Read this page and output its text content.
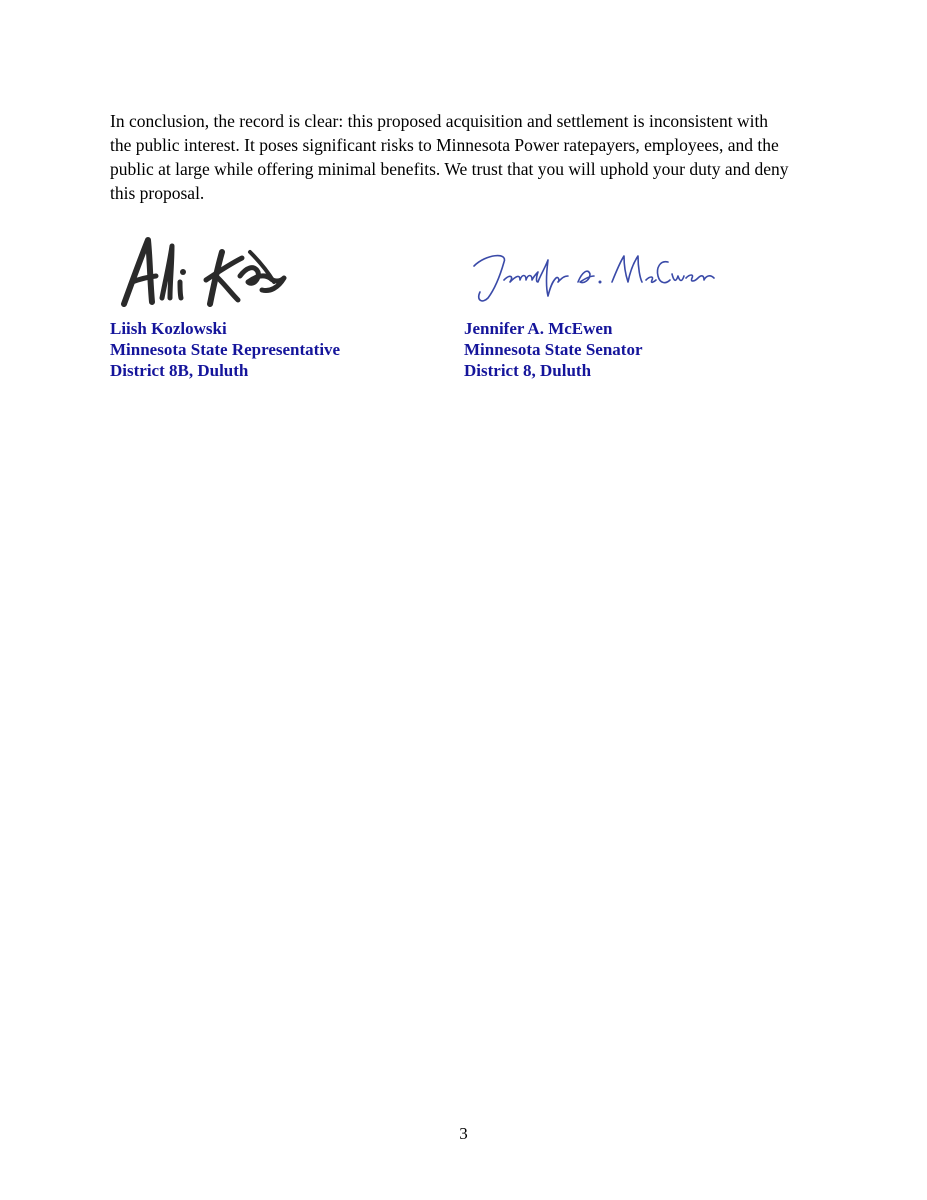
In conclusion, the record is clear: this proposed acquisition and settlement is inconsistent with
the public interest. It poses significant risks to Minnesota Power ratepayers, employees, and the
public at large while offering minimal benefits. We trust that you will uphold your duty and deny
this proposal.

Liish Kozlowski
Minnesota State Representative
District 8B, Duluth
Jennifer A. McEwen
Minnesota State Senator
District 8, Duluth
3
